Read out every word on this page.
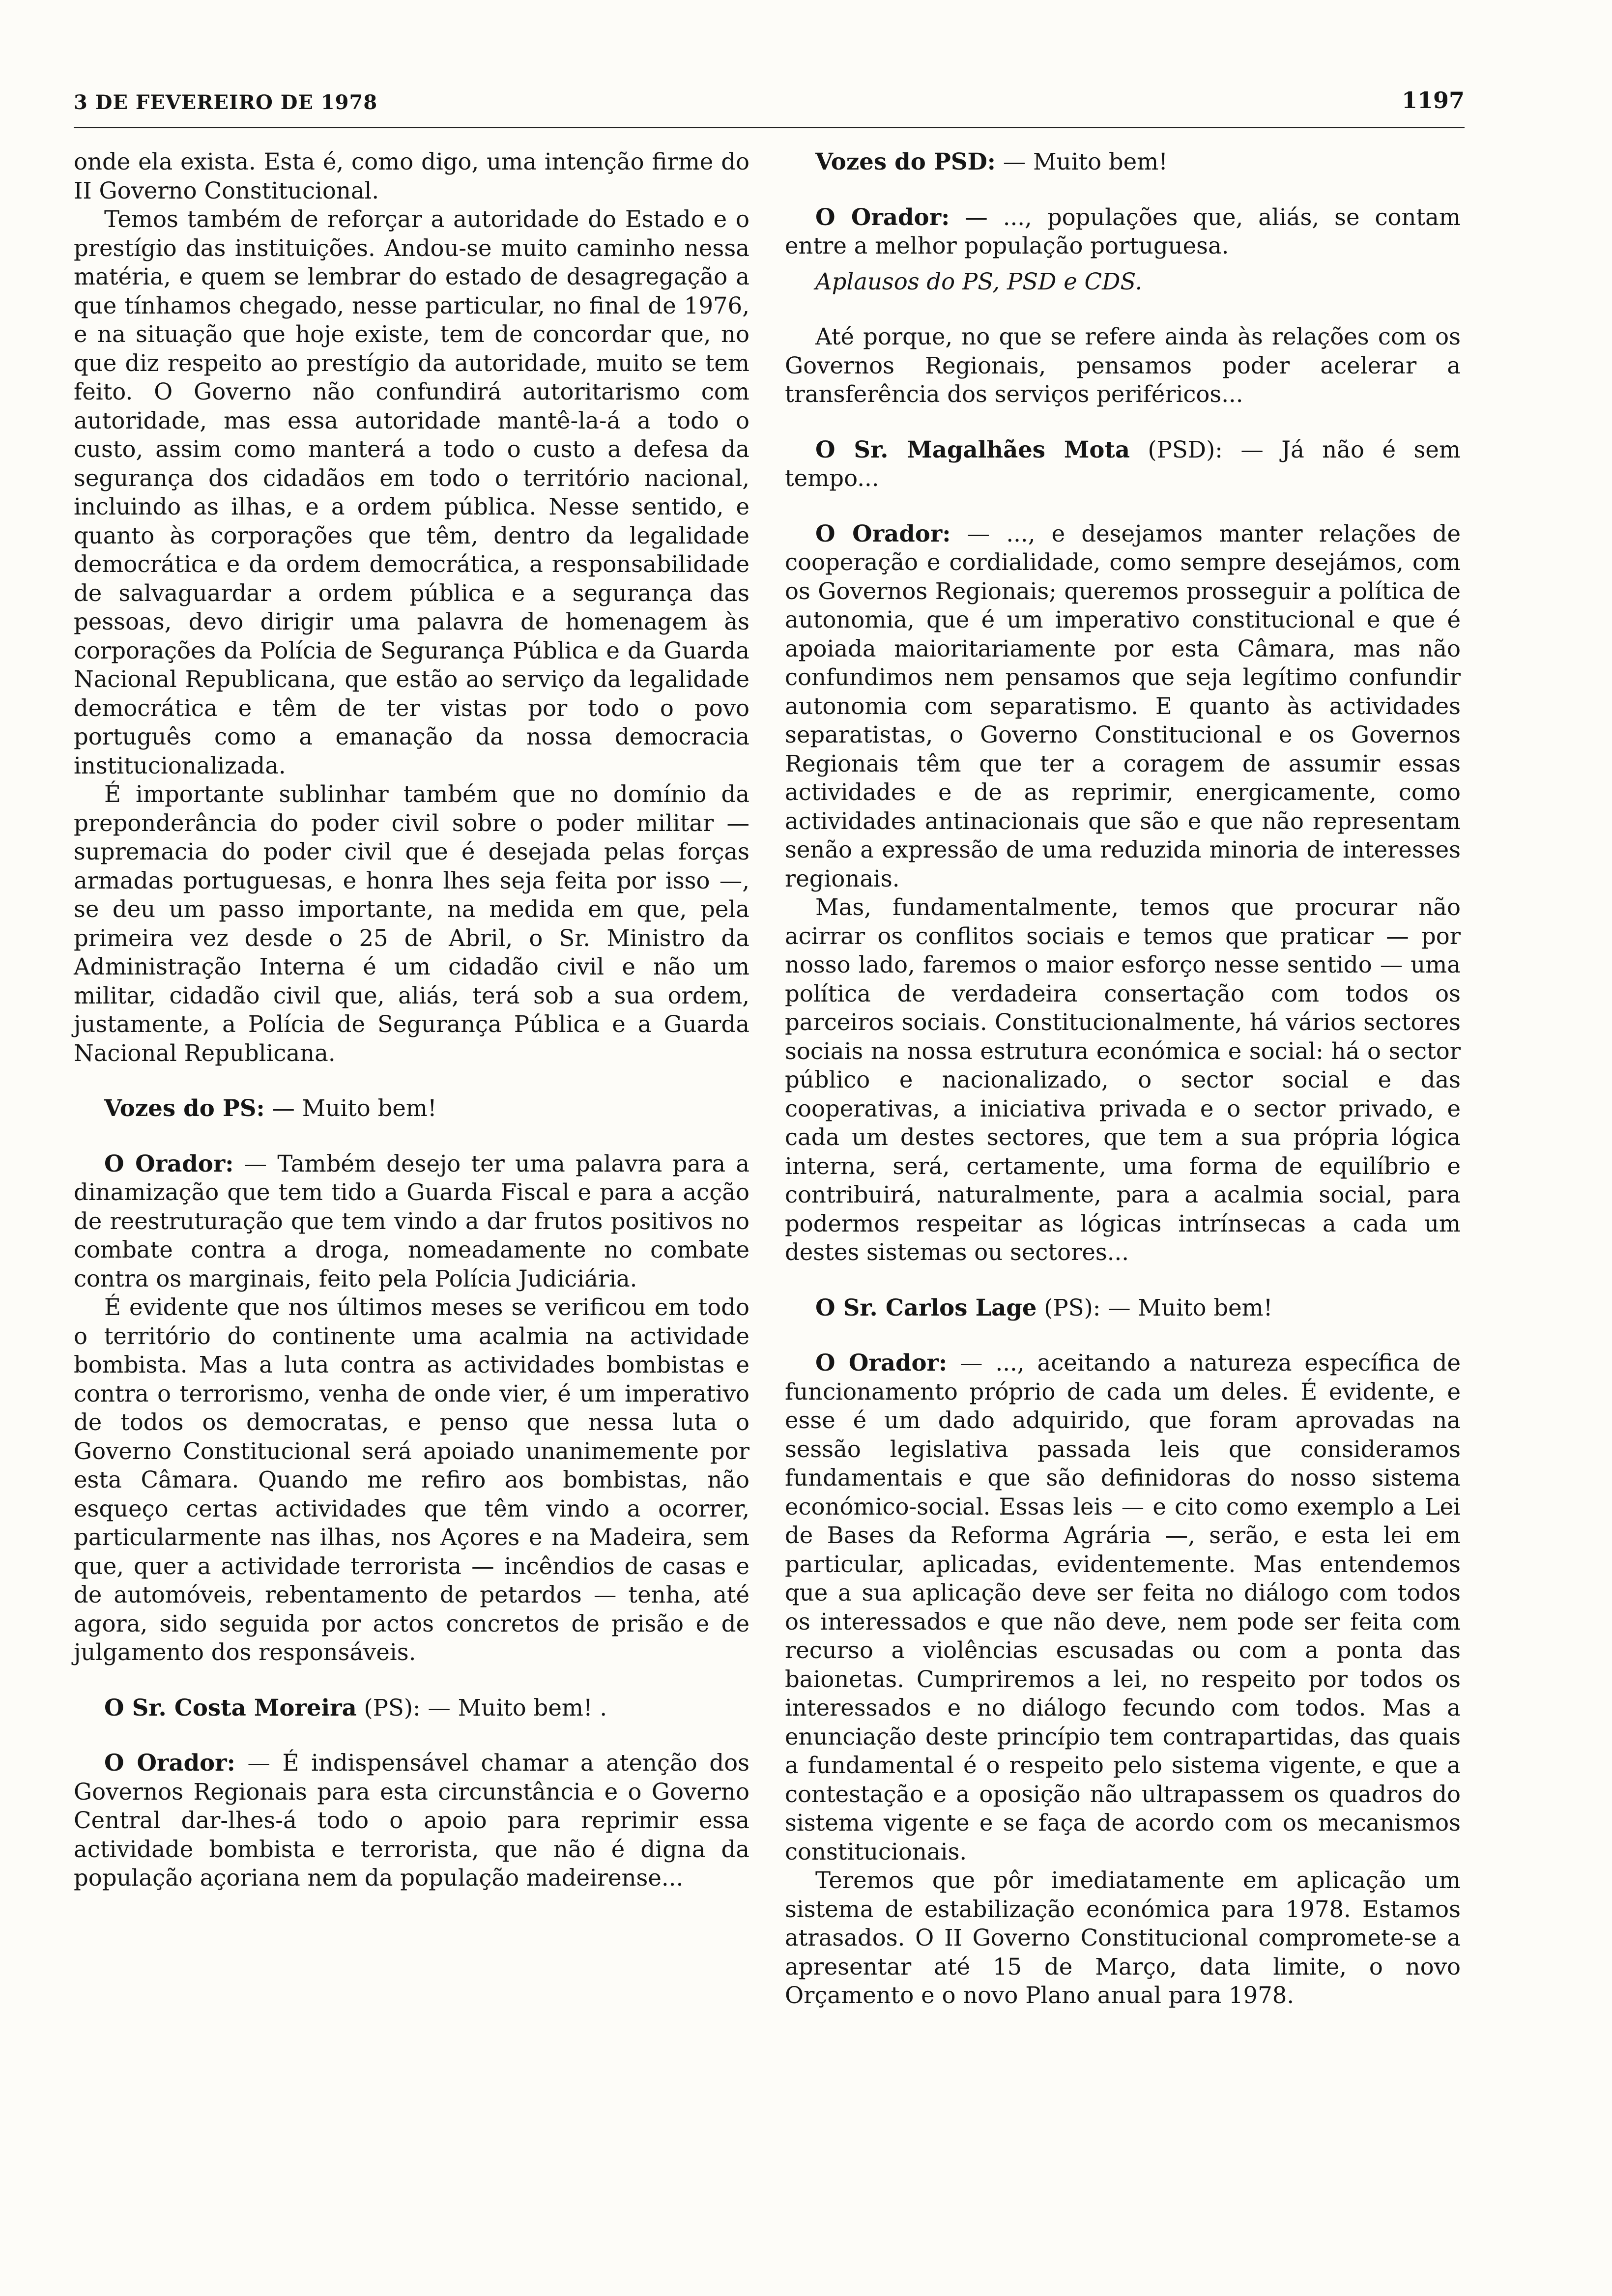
3 DE FEVEREIRO DE 1978	1197

onde ela exista. Esta é, como digo, uma intenção firme do II Governo Constitucional.

Temos também de reforçar a autoridade do Estado e o prestígio das instituições. Andou-se muito caminho nessa matéria, e quem se lembrar do estado de desagregação a que tínhamos chegado, nesse particular, no final de 1976, e na situação que hoje existe, tem de concordar que, no que diz respeito ao prestígio da autoridade, muito se tem feito. O Governo não confundirá autoritarismo com autoridade, mas essa autoridade mantê-la-á a todo o custo, assim como manterá a todo o custo a defesa da segurança dos cidadãos em todo o território nacional, incluindo as ilhas, e a ordem pública. Nesse sentido, e quanto às corporações que têm, dentro da legalidade democrática e da ordem democrática, a responsabilidade de salvaguardar a ordem pública e a segurança das pessoas, devo dirigir uma palavra de homenagem às corporações da Polícia de Segurança Pública e da Guarda Nacional Republicana, que estão ao serviço da legalidade democrática e têm de ter vistas por todo o povo português como a emanação da nossa democracia institucionalizada.

É importante sublinhar também que no domínio da preponderância do poder civil sobre o poder militar — supremacia do poder civil que é desejada pelas forças armadas portuguesas, e honra lhes seja feita por isso —, se deu um passo importante, na medida em que, pela primeira vez desde o 25 de Abril, o Sr. Ministro da Administração Interna é um cidadão civil e não um militar, cidadão civil que, aliás, terá sob a sua ordem, justamente, a Polícia de Segurança Pública e a Guarda Nacional Republicana.

Vozes do PS: — Muito bem!

O Orador: — Também desejo ter uma palavra para a dinamização que tem tido a Guarda Fiscal e para a acção de reestruturação que tem vindo a dar frutos positivos no combate contra a droga, nomeadamente no combate contra os marginais, feito pela Polícia Judiciária.

É evidente que nos últimos meses se verificou em todo o território do continente uma acalmia na actividade bombista. Mas a luta contra as actividades bombistas e contra o terrorismo, venha de onde vier, é um imperativo de todos os democratas, e penso que nessa luta o Governo Constitucional será apoiado unanimemente por esta Câmara. Quando me refiro aos bombistas, não esqueço certas actividades que têm vindo a ocorrer, particularmente nas ilhas, nos Açores e na Madeira, sem que, quer a actividade terrorista — incêndios de casas e de automóveis, rebentamento de petardos — tenha, até agora, sido seguida por actos concretos de prisão e de julgamento dos responsáveis.

O Sr. Costa Moreira (PS): — Muito bem! .

O Orador: — É indispensável chamar a atenção dos Governos Regionais para esta circunstância e o Governo Central dar-lhes-á todo o apoio para reprimir essa actividade bombista e terrorista, que não é digna da população açoriana nem da população madeirense...

Vozes do PSD: — Muito bem!

O Orador: — ..., populações que, aliás, se contam entre a melhor população portuguesa.

Aplausos do PS, PSD e CDS.

Até porque, no que se refere ainda às relações com os Governos Regionais, pensamos poder acelerar a transferência dos serviços periféricos...

O Sr. Magalhães Mota (PSD): — Já não é sem tempo...

O Orador: — ..., e desejamos manter relações de cooperação e cordialidade, como sempre desejámos, com os Governos Regionais; queremos prosseguir a política de autonomia, que é um imperativo constitucional e que é apoiada maioritariamente por esta Câmara, mas não confundimos nem pensamos que seja legítimo confundir autonomia com separatismo. E quanto às actividades separatistas, o Governo Constitucional e os Governos Regionais têm que ter a coragem de assumir essas actividades e de as reprimir, energicamente, como actividades antinacionais que são e que não representam senão a expressão de uma reduzida minoria de interesses regionais.

Mas, fundamentalmente, temos que procurar não acirrar os conflitos sociais e temos que praticar — por nosso lado, faremos o maior esforço nesse sentido — uma política de verdadeira consertação com todos os parceiros sociais. Constitucionalmente, há vários sectores sociais na nossa estrutura económica e social: há o sector público e nacionalizado, o sector social e das cooperativas, a iniciativa privada e o sector privado, e cada um destes sectores, que tem a sua própria lógica interna, será, certamente, uma forma de equilíbrio e contribuirá, naturalmente, para a acalmia social, para podermos respeitar as lógicas intrínsecas a cada um destes sistemas ou sectores...

O Sr. Carlos Lage (PS): — Muito bem!

O Orador: — ..., aceitando a natureza específica de funcionamento próprio de cada um deles. É evidente, e esse é um dado adquirido, que foram aprovadas na sessão legislativa passada leis que consideramos fundamentais e que são definidoras do nosso sistema económico-social. Essas leis — e cito como exemplo a Lei de Bases da Reforma Agrária —, serão, e esta lei em particular, aplicadas, evidentemente. Mas entendemos que a sua aplicação deve ser feita no diálogo com todos os interessados e que não deve, nem pode ser feita com recurso a violências escusadas ou com a ponta das baionetas. Cumpriremos a lei, no respeito por todos os interessados e no diálogo fecundo com todos. Mas a enunciação deste princípio tem contrapartidas, das quais a fundamental é o respeito pelo sistema vigente, e que a contestação e a oposição não ultrapassem os quadros do sistema vigente e se faça de acordo com os mecanismos constitucionais.

Teremos que pôr imediatamente em aplicação um sistema de estabilização económica para 1978. Estamos atrasados. O II Governo Constitucional compromete-se a apresentar até 15 de Março, data limite, o novo Orçamento e o novo Plano anual para 1978.
